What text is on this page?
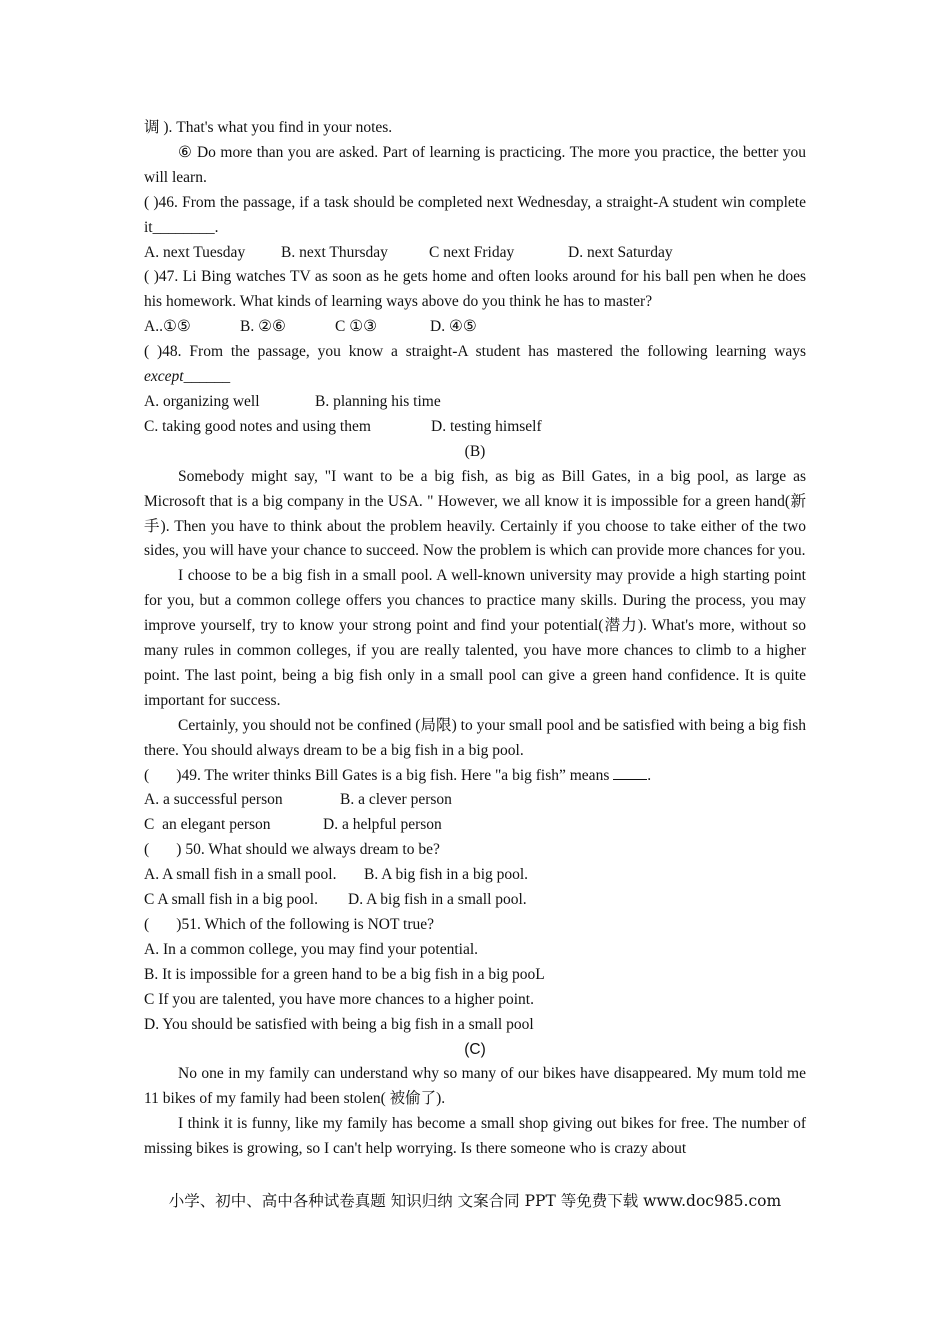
调 ). That's what you find in your notes.

⑥ Do more than you are asked. Part of learning is practicing. The more you practice, the better you will learn.

( )46. From the passage, if a task should be completed next Wednesday, a straight-A student win complete it________.

A. next Tuesday B. next Thursday	C next Friday	D. next Saturday

( )47. Li Bing watches TV as soon as he gets home and often looks around for his ball pen when he does his homework. What kinds of learning ways above do you think he has to master?

A..①⑤	B. ②⑥	C ①③	D. ④⑤

( )48. From the passage, you know a straight-A student has mastered the following learning ways except______

A. organizing well	B. planning his time

C. taking good notes and using them	D. testing himself

(B)

Somebody might say, "I want to be a big fish, as big as Bill Gates, in a big pool, as large as Microsoft that is a big company in the USA. " However, we all know it is impossible for a green hand(新手). Then you have to think about the problem heavily. Certainly if you choose to take either of the two sides, you will have your chance to succeed. Now the problem is which can provide more chances for you.

I choose to be a big fish in a small pool. A well-known university may provide a high starting point for you, but a common college offers you chances to practice many skills. During the process, you may improve yourself, try to know your strong point and find your potential(潜力). What's more, without so many rules in common colleges, if you are really talented, you have more chances to climb to a higher point. The last point, being a big fish only in a small pool can give a green hand confidence. It is quite important for success.

Certainly, you should not be confined (局限) to your small pool and be satisfied with being a big fish there. You should always dream to be a big fish in a big pool.

(       )49. The writer thinks Bill Gates is a big fish. Here "a big fish” means .

A. a successful person	B. a clever person

C  an elegant person	D. a helpful person

(       ) 50. What should we always dream to be?

A. A small fish in a small pool. B. A big fish in a big pool.

C A small fish in a big pool. D. A big fish in a small pool.

(       )51. Which of the following is NOT true?

A. In a common college, you may find your potential.

B. It is impossible for a green hand to be a big fish in a big pooL

C If you are talented, you have more chances to a higher point.

D. You should be satisfied with being a big fish in a small pool

(C)

No one in my family can understand why so many of our bikes have disappeared. My mum told me 11 bikes of my family had been stolen( 被偷了).

I think it is funny, like my family has become a small shop giving out bikes for free. The number of missing bikes is growing, so I can't help worrying. Is there someone who is crazy about

小学、初中、高中各种试卷真题 知识归纳 文案合同 PPT 等免费下载 www.doc985.com
